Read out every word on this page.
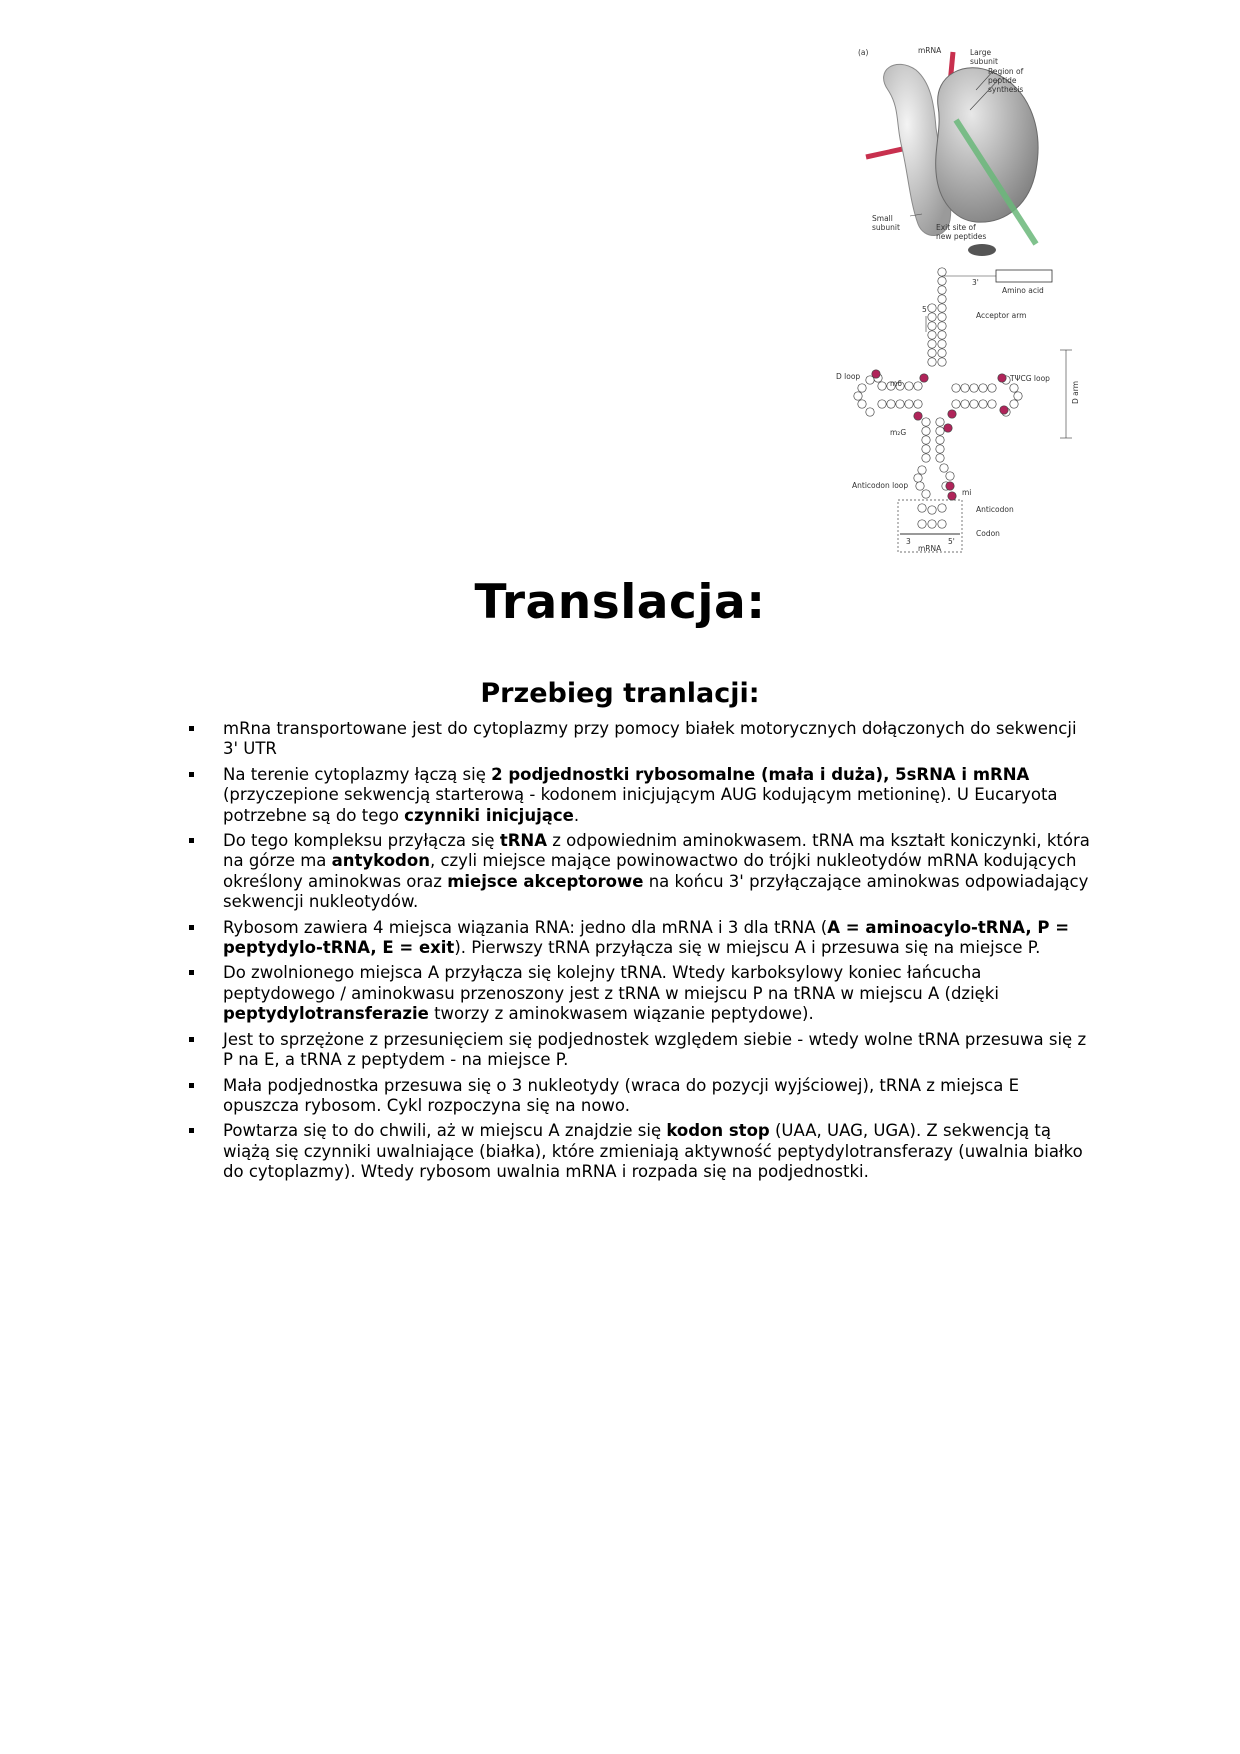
(a)	mRNA	Large
subunit
Region of
peptide
synthesis
Small
subunit	Exit site of
new peptides
3'
5'
Amino acid
Acceptor arm
D loop	TΨCG loop
D arm
m6
m₂G
Anticodon loop
mi
Anticodon
Codon
3	5'
mRNA
Translacja:
Przebieg tranlacji:
mRna transportowane jest do cytoplazmy przy pomocy białek motorycznych dołączonych do sekwencji 3' UTR
Na terenie cytoplazmy łączą się 2 podjednostki rybosomalne (mała i duża), 5sRNA i mRNA (przyczepione sekwencją starterową - kodonem inicjującym AUG kodującym metioninę). U Eucaryota potrzebne są do tego czynniki inicjujące.
Do tego kompleksu przyłącza się tRNA z odpowiednim aminokwasem. tRNA ma kształt koniczynki, która na górze ma antykodon, czyli miejsce mające powinowactwo do trójki nukleotydów mRNA kodujących określony aminokwas oraz miejsce akceptorowe na końcu 3' przyłączające aminokwas odpowiadający sekwencji nukleotydów.
Rybosom zawiera 4 miejsca wiązania RNA: jedno dla mRNA i 3 dla tRNA (A = aminoacylo-tRNA, P = peptydylo-tRNA, E = exit). Pierwszy tRNA przyłącza się w miejscu A i przesuwa się na miejsce P.
Do zwolnionego miejsca A przyłącza się kolejny tRNA. Wtedy karboksylowy koniec łańcucha peptydowego / aminokwasu przenoszony jest z tRNA w miejscu P na tRNA w miejscu A (dzięki peptydylotransferazie tworzy z aminokwasem wiązanie peptydowe).
Jest to sprzężone z przesunięciem się podjednostek względem siebie - wtedy wolne tRNA przesuwa się z P na E, a tRNA z peptydem - na miejsce P.
Mała podjednostka przesuwa się o 3 nukleotydy (wraca do pozycji wyjściowej), tRNA z miejsca E opuszcza rybosom. Cykl rozpoczyna się na nowo.
Powtarza się to do chwili, aż w miejscu A znajdzie się kodon stop (UAA, UAG, UGA). Z sekwencją tą wiążą się czynniki uwalniające (białka), które zmieniają aktywność peptydylotransferazy (uwalnia białko do cytoplazmy). Wtedy rybosom uwalnia mRNA i rozpada się na podjednostki.
